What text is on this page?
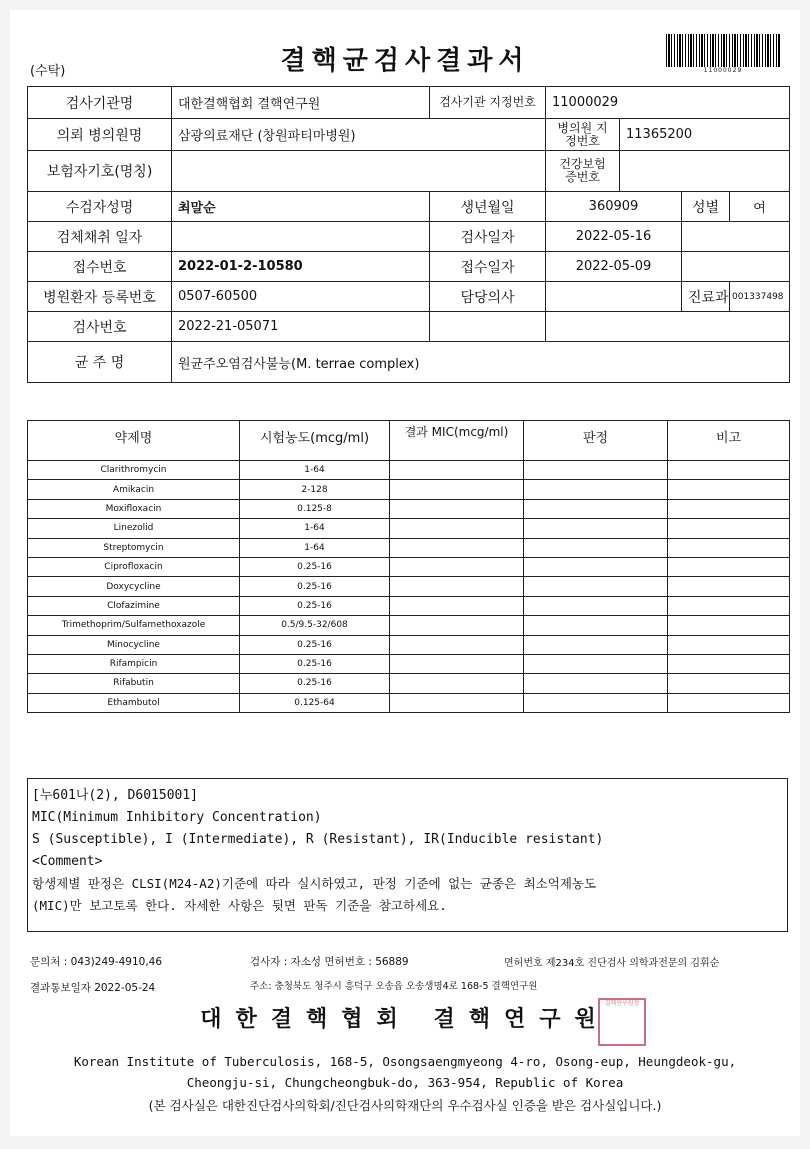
(수탁)	결핵균검사결과서	11000029
검사기관명	대한결핵협회 결핵연구원	검사기관 지정번호	11000029			
의뢰 병의원명	삼광의료재단 (창원파티마병원)		병의원 지정번호	11365200		
보험자기호(명칭)			건강보험 증번호			
수검자성명	최말순	생년월일	360909		성별	여
검체채취 일자		검사일자	2022-05-16			
접수번호	2022-01-2-10580	접수일자	2022-05-09			
병원환자 등록번호	0507-60500	담당의사			진료과	001337498
검사번호	2022-21-05071					
균 주 명	원균주오염검사불능(M. terrae complex)					
약제명	시험농도(mcg/ml)	결과 MIC(mcg/ml)	판정	비고
Clarithromycin	1-64			
Amikacin	2-128			
Moxifloxacin	0.125-8			
Linezolid	1-64			
Streptomycin	1-64			
Ciprofloxacin	0.25-16			
Doxycycline	0.25-16			
Clofazimine	0.25-16			
Trimethoprim/Sulfamethoxazole	0.5/9.5-32/608			
Minocycline	0.25-16			
Rifampicin	0.25-16			
Rifabutin	0.25-16			
Ethambutol	0.125-64			
[누601나(2), D6015001]
MIC(Minimum Inhibitory Concentration)
S (Susceptible), I (Intermediate), R (Resistant), IR(Inducible resistant)
<Comment>
항생제별 판정은 CLSI(M24-A2)기준에 따라 실시하였고, 판정 기준에 없는 균종은 최소억제농도
(MIC)만 보고토록 한다. 자세한 사항은 뒷면 판독 기준을 참고하세요.
문의처 : 043)249-4910,46	검사자 : 자소성 면허번호 : 56889	면허번호 제234호 진단검사 의학과전문의 김휘순
결과통보일자 2022-05-24	주소: 충청북도 청주시 흥덕구 오송읍 오송생명4로 168-5 결핵연구원
대한결핵협회 결핵연구원
결핵연구원장
Korean Institute of Tuberculosis, 168-5, Osongsaengmyeong 4-ro, Osong-eup, Heungdeok-gu,
Cheongju-si, Chungcheongbuk-do, 363-954, Republic of Korea
(본 검사실은 대한진단검사의학회/진단검사의학재단의 우수검사실 인증을 받은 검사실입니다.)
